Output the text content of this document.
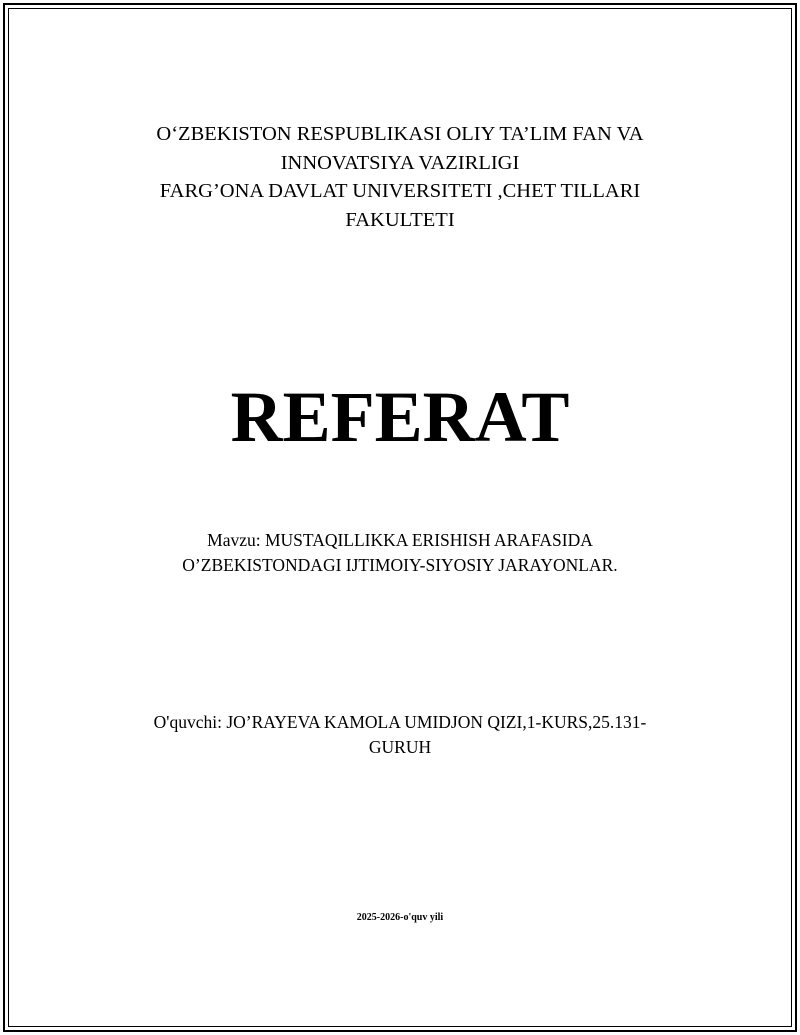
O‘ZBEKISTON RESPUBLIKASI OLIY TA’LIM FAN VA
INNOVATSIYA VAZIRLIGI
FARG’ONA DAVLAT UNIVERSITETI ,CHET TILLARI
FAKULTETI
REFERAT
Mavzu: MUSTAQILLIKKA ERISHISH ARAFASIDA
O’ZBEKISTONDAGI IJTIMOIY-SIYOSIY JARAYONLAR.
O'quvchi: JO’RAYEVA KAMOLA UMIDJON QIZI,1-KURS,25.131-
GURUH
2025-2026-o'quv yili
